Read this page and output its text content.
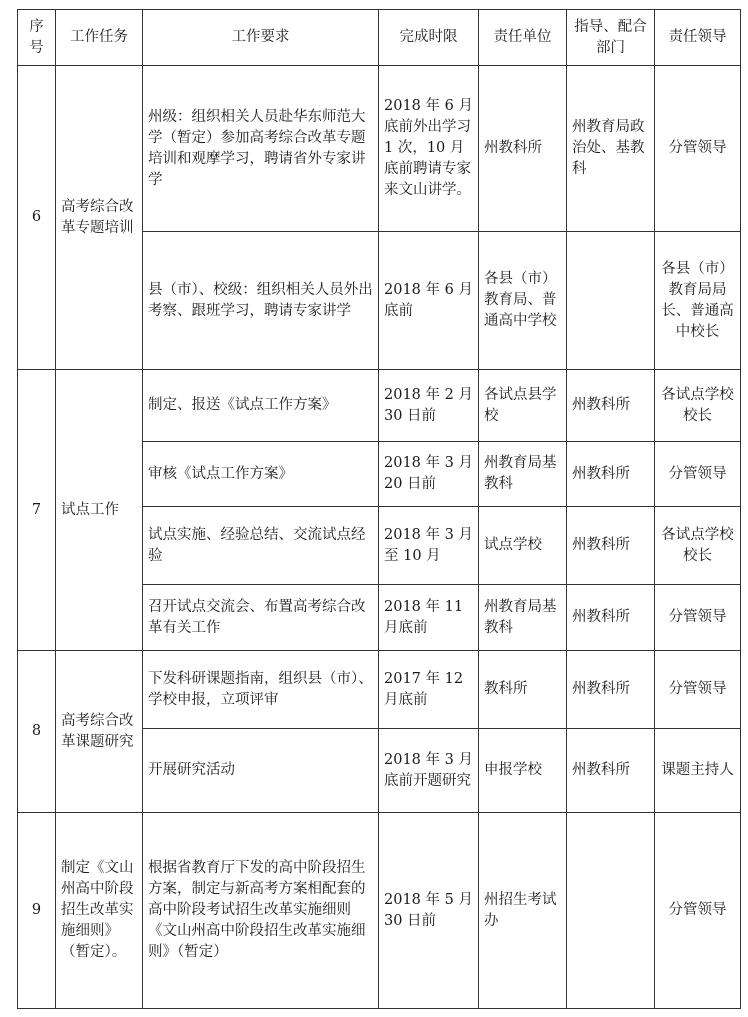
序号	工作任务	工作要求	完成时限	责任单位	指导、配合部门	责任领导
6	高考综合改革专题培训	州级：组织相关人员赴华东师范大学（暂定）参加高考综合改革专题培训和观摩学习，聘请省外专家讲学	2018 年 6 月底前外出学习 1 次，10 月底前聘请专家来文山讲学。	州教科所	州教育局政治处、基教科	分管领导
		县（市）、校级：组织相关人员外出考察、跟班学习，聘请专家讲学	2018 年 6 月底前	各县（市）教育局、普通高中学校		各县（市）教育局局长、普通高中校长
7	试点工作	制定、报送《试点工作方案》	2018 年 2 月 30 日前	各试点县学校	州教科所	各试点学校校长
		审核《试点工作方案》	2018 年 3 月 20 日前	州教育局基教科	州教科所	分管领导
		试点实施、经验总结、交流试点经验	2018 年 3 月至 10 月	试点学校	州教科所	各试点学校校长
		召开试点交流会、布置高考综合改革有关工作	2018 年 11 月底前	州教育局基教科	州教科所	分管领导
8	高考综合改革课题研究	下发科研课题指南，组织县（市）、学校申报，立项评审	2017 年 12 月底前	教科所	州教科所	分管领导
		开展研究活动	2018 年 3 月底前开题研究	申报学校	州教科所	课题主持人
9	制定《文山州高中阶段招生改革实施细则》（暂定）。	根据省教育厅下发的高中阶段招生方案，制定与新高考方案相配套的高中阶段考试招生改革实施细则《文山州高中阶段招生改革实施细则》（暂定）	2018 年 5 月 30 日前	州招生考试办		分管领导
